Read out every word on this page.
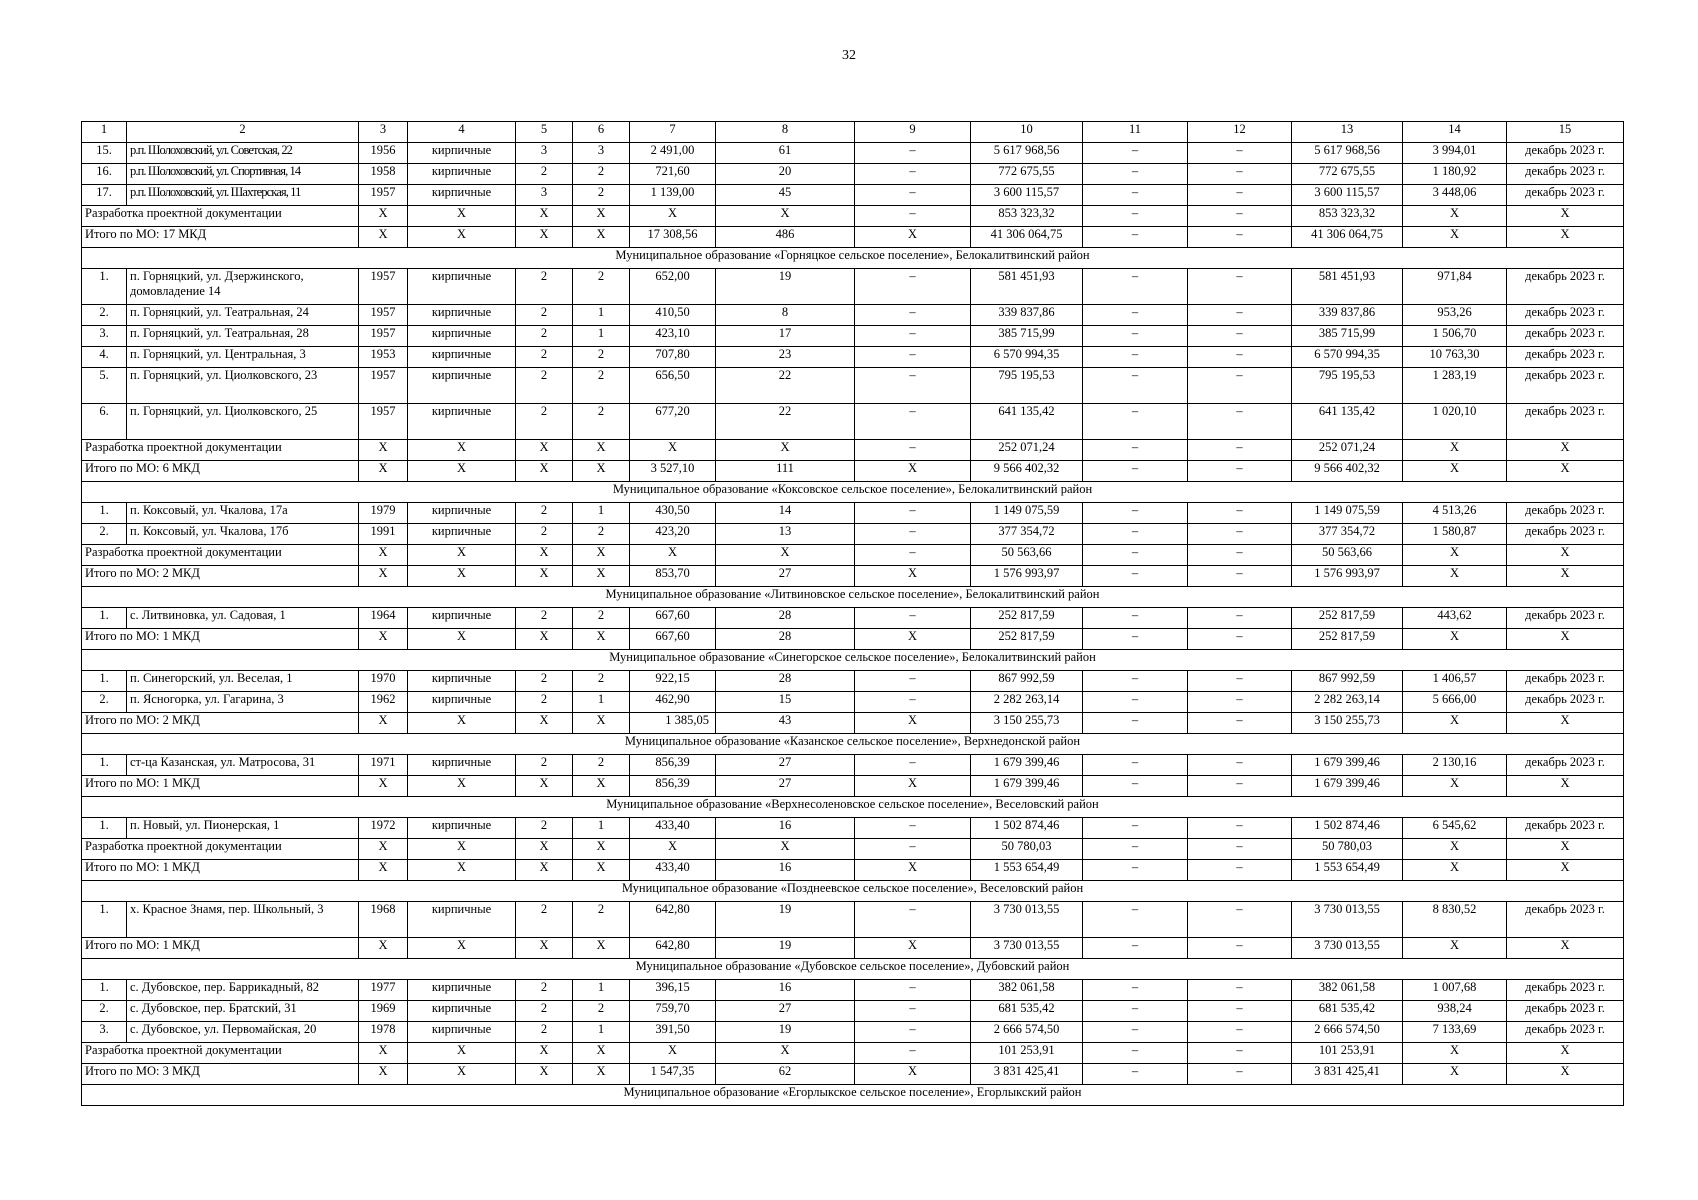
32
1	2	3	4	5	6	7	8	9	10	11	12	13	14	15
15.	р.п. Шолоховский, ул. Советская, 22	1956	кирпичные	3	3	2 491,00	61	–	5 617 968,56	–	–	5 617 968,56	3 994,01	декабрь 2023 г.
16.	р.п. Шолоховский, ул. Спортивная, 14	1958	кирпичные	2	2	721,60	20	–	772 675,55	–	–	772 675,55	1 180,92	декабрь 2023 г.
17.	р.п. Шолоховский, ул. Шахтерская, 11	1957	кирпичные	3	2	1 139,00	45	–	3 600 115,57	–	–	3 600 115,57	3 448,06	декабрь 2023 г.
Разработка проектной документации		X	X	X	X	X	X	–	853 323,32	–	–	853 323,32	X	X
Итого по МО: 17 МКД		X	X	X	X	17 308,56	486	X	41 306 064,75	–	–	41 306 064,75	X	X
Муниципальное образование «Горняцкое сельское поселение», Белокалитвинский район														
1.	п. Горняцкий, ул. Дзержинского, домовладение 14	1957	кирпичные	2	2	652,00	19	–	581 451,93	–	–	581 451,93	971,84	декабрь 2023 г.
2.	п. Горняцкий, ул. Театральная, 24	1957	кирпичные	2	1	410,50	8	–	339 837,86	–	–	339 837,86	953,26	декабрь 2023 г.
3.	п. Горняцкий, ул. Театральная, 28	1957	кирпичные	2	1	423,10	17	–	385 715,99	–	–	385 715,99	1 506,70	декабрь 2023 г.
4.	п. Горняцкий, ул. Центральная, 3	1953	кирпичные	2	2	707,80	23	–	6 570 994,35	–	–	6 570 994,35	10 763,30	декабрь 2023 г.
5.	п. Горняцкий, ул. Циолковского, 23	1957	кирпичные	2	2	656,50	22	–	795 195,53	–	–	795 195,53	1 283,19	декабрь 2023 г.
6.	п. Горняцкий, ул. Циолковского, 25	1957	кирпичные	2	2	677,20	22	–	641 135,42	–	–	641 135,42	1 020,10	декабрь 2023 г.
Разработка проектной документации		X	X	X	X	X	X	–	252 071,24	–	–	252 071,24	X	X
Итого по МО: 6 МКД		X	X	X	X	3 527,10	111	X	9 566 402,32	–	–	9 566 402,32	X	X
Муниципальное образование «Коксовское сельское поселение», Белокалитвинский район														
1.	п. Коксовый, ул. Чкалова, 17а	1979	кирпичные	2	1	430,50	14	–	1 149 075,59	–	–	1 149 075,59	4 513,26	декабрь 2023 г.
2.	п. Коксовый, ул. Чкалова, 17б	1991	кирпичные	2	2	423,20	13	–	377 354,72	–	–	377 354,72	1 580,87	декабрь 2023 г.
Разработка проектной документации		X	X	X	X	X	X	–	50 563,66	–	–	50 563,66	X	X
Итого по МО: 2 МКД		X	X	X	X	853,70	27	X	1 576 993,97	–	–	1 576 993,97	X	X
Муниципальное образование «Литвиновское сельское поселение», Белокалитвинский район														
1.	с. Литвиновка, ул. Садовая, 1	1964	кирпичные	2	2	667,60	28	–	252 817,59	–	–	252 817,59	443,62	декабрь 2023 г.
Итого по МО: 1 МКД		X	X	X	X	667,60	28	X	252 817,59	–	–	252 817,59	X	X
Муниципальное образование «Синегорское сельское поселение», Белокалитвинский район														
1.	п. Синегорский, ул. Веселая, 1	1970	кирпичные	2	2	922,15	28	–	867 992,59	–	–	867 992,59	1 406,57	декабрь 2023 г.
2.	п. Ясногорка, ул. Гагарина, 3	1962	кирпичные	2	1	462,90	15	–	2 282 263,14	–	–	2 282 263,14	5 666,00	декабрь 2023 г.
Итого по МО: 2 МКД		X	X	X	X	1 385,05	43	X	3 150 255,73	–	–	3 150 255,73	X	X
Муниципальное образование «Казанское сельское поселение», Верхнедонской район														
1.	ст-ца Казанская, ул. Матросова, 31	1971	кирпичные	2	2	856,39	27	–	1 679 399,46	–	–	1 679 399,46	2 130,16	декабрь 2023 г.
Итого по МО: 1 МКД		X	X	X	X	856,39	27	X	1 679 399,46	–	–	1 679 399,46	X	X
Муниципальное образование «Верхнесоленовское сельское поселение», Веселовский район														
1.	п. Новый, ул. Пионерская, 1	1972	кирпичные	2	1	433,40	16	–	1 502 874,46	–	–	1 502 874,46	6 545,62	декабрь 2023 г.
Разработка проектной документации		X	X	X	X	X	X	–	50 780,03	–	–	50 780,03	X	X
Итого по МО: 1 МКД		X	X	X	X	433,40	16	X	1 553 654,49	–	–	1 553 654,49	X	X
Муниципальное образование «Позднеевское сельское поселение», Веселовский район														
1.	х. Красное Знамя, пер. Школьный, 3	1968	кирпичные	2	2	642,80	19	–	3 730 013,55	–	–	3 730 013,55	8 830,52	декабрь 2023 г.
Итого по МО: 1 МКД		X	X	X	X	642,80	19	X	3 730 013,55	–	–	3 730 013,55	X	X
Муниципальное образование «Дубовское сельское поселение», Дубовский район														
1.	с. Дубовское, пер. Баррикадный, 82	1977	кирпичные	2	1	396,15	16	–	382 061,58	–	–	382 061,58	1 007,68	декабрь 2023 г.
2.	с. Дубовское, пер. Братский, 31	1969	кирпичные	2	2	759,70	27	–	681 535,42	–	–	681 535,42	938,24	декабрь 2023 г.
3.	с. Дубовское, ул. Первомайская, 20	1978	кирпичные	2	1	391,50	19	–	2 666 574,50	–	–	2 666 574,50	7 133,69	декабрь 2023 г.
Разработка проектной документации		X	X	X	X	X	X	–	101 253,91	–	–	101 253,91	X	X
Итого по МО: 3 МКД		X	X	X	X	1 547,35	62	X	3 831 425,41	–	–	3 831 425,41	X	X
Муниципальное образование «Егорлыкское сельское поселение», Егорлыкский район														
